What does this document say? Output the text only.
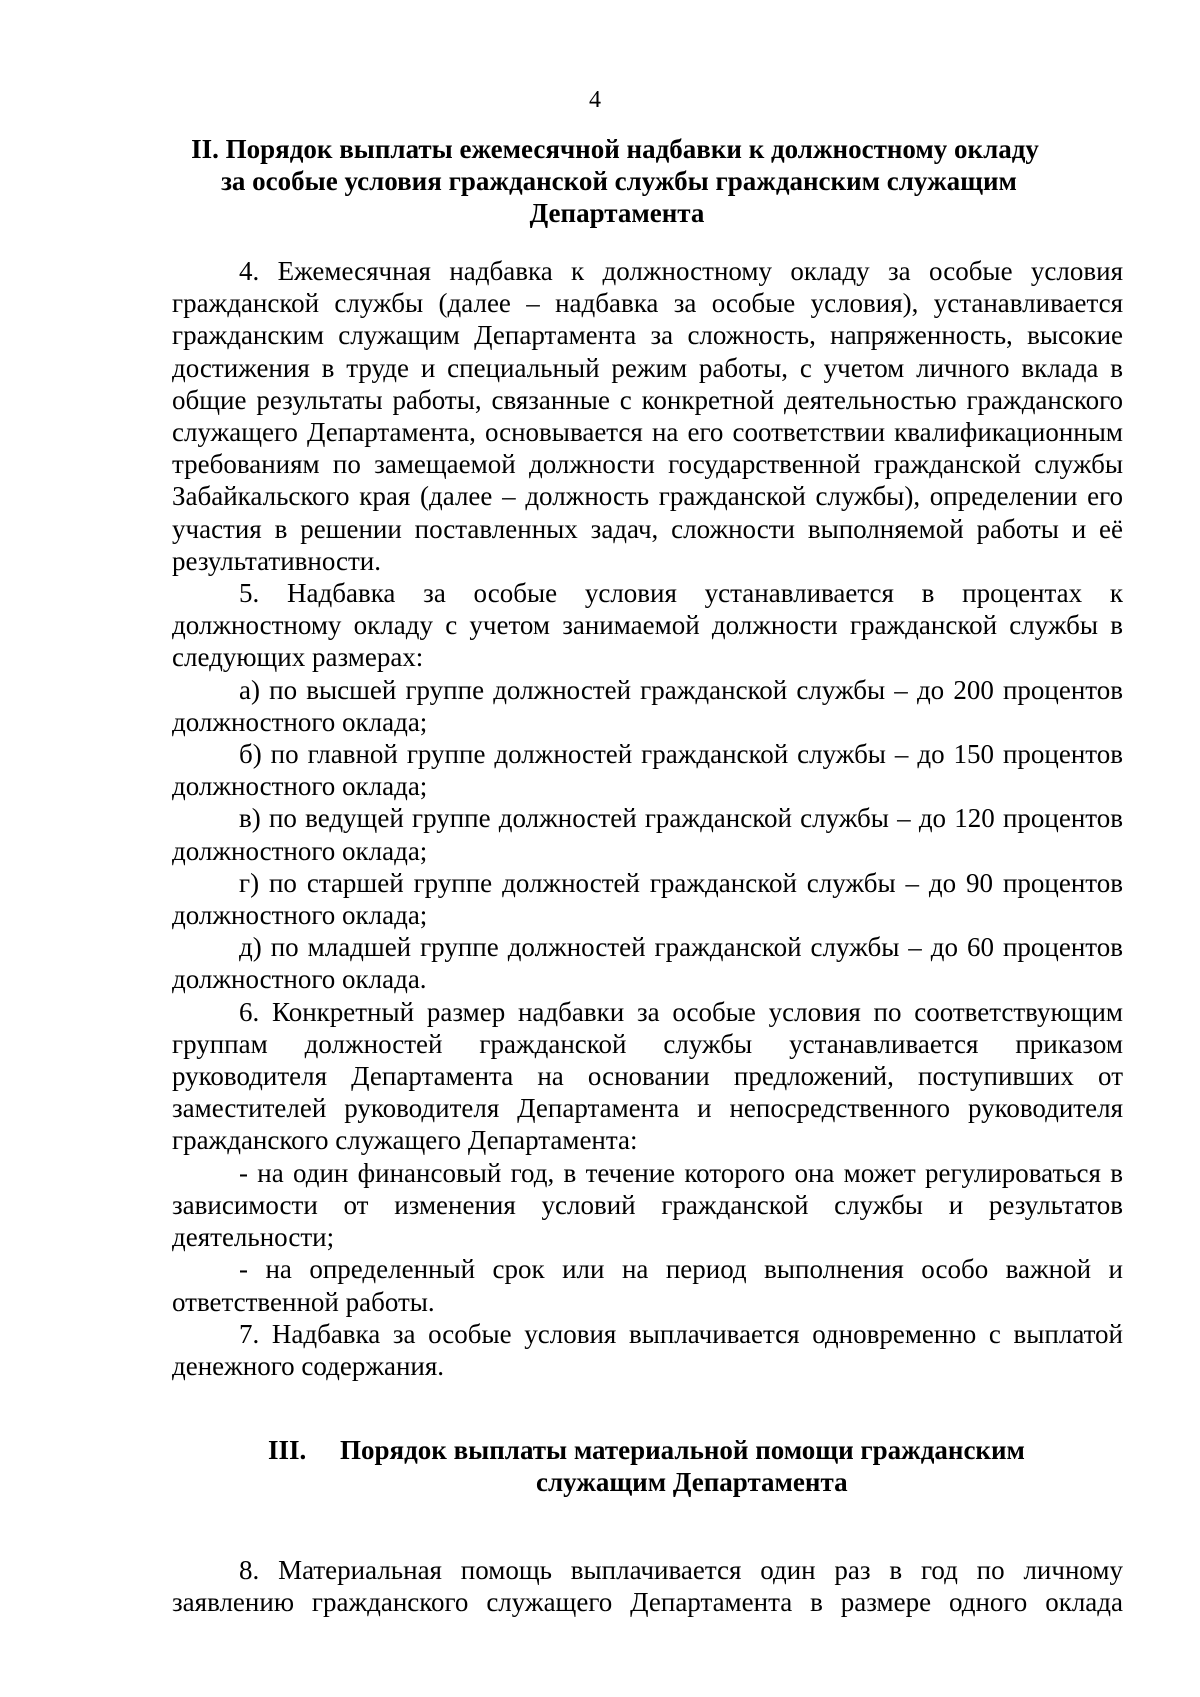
4
II. Порядок выплаты ежемесячной надбавки к должностному окладу
за особые условия гражданской службы гражданским служащим
Департамента

4. Ежемесячная надбавка к должностному окладу за особые условия гражданской службы (далее – надбавка за особые условия), устанавливается гражданским служащим Департамента за сложность, напряженность, высокие достижения в труде и специальный режим работы, с учетом личного вклада в общие результаты работы, связанные с конкретной деятельностью гражданского служащего Департамента, основывается на его соответствии квалификационным требованиям по замещаемой должности государственной гражданской службы Забайкальского края (далее – должность гражданской службы), определении его участия в решении поставленных задач, сложности выполняемой работы и её результативности.

5. Надбавка за особые условия устанавливается в процентах к должностному окладу с учетом занимаемой должности гражданской службы в следующих размерах:

а) по высшей группе должностей гражданской службы – до 200 процентов должностного оклада;

б) по главной группе должностей гражданской службы – до 150 процентов должностного оклада;

в) по ведущей группе должностей гражданской службы – до 120 процентов должностного оклада;

г) по старшей группе должностей гражданской службы – до 90 процентов должностного оклада;

д) по младшей группе должностей гражданской службы – до 60 процентов должностного оклада.

6. Конкретный размер надбавки за особые условия по соответствующим группам должностей гражданской службы устанавливается приказом руководителя Департамента на основании предложений, поступивших от заместителей руководителя Департамента и непосредственного руководителя гражданского служащего Департамента:

- на один финансовый год, в течение которого она может регулироваться в зависимости от изменения условий гражданской службы и результатов деятельности;

- на определенный срок или на период выполнения особо важной и ответственной работы.

7. Надбавка за особые условия выплачивается одновременно с выплатой денежного содержания.

III. Порядок выплаты материальной помощи гражданским
служащим Департамента

8. Материальная помощь выплачивается один раз в год по личному заявлению гражданского служащего Департамента в размере одного оклада
